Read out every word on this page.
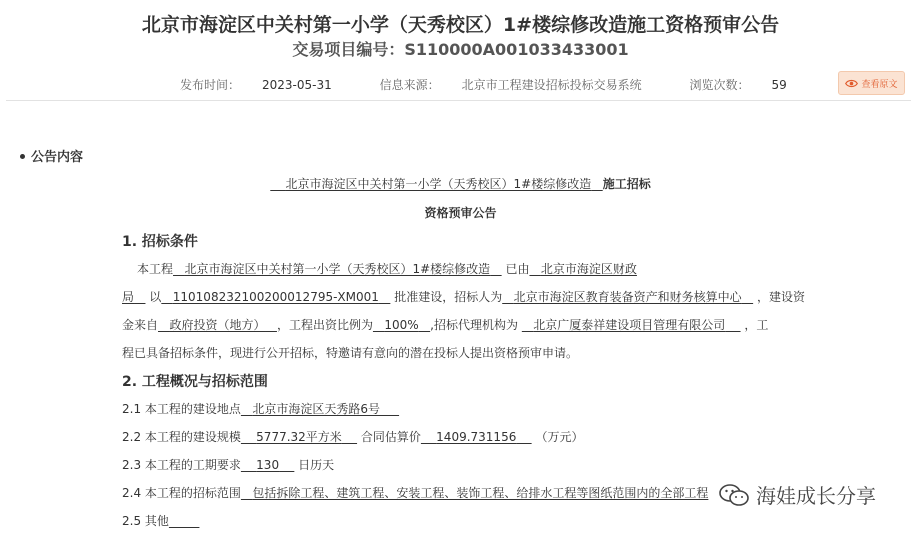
北京市海淀区中关村第一小学（天秀校区）1#楼综修改造施工资格预审公告
交易项目编号：S110000A001033433001
发布时间： 2023-05-31	信息来源： 北京市工程建设招标投标交易系统	浏览次数： 59	查看原文
公告内容
北京市海淀区中关村第一小学（天秀校区）1#楼综修改造 施工招标
资格预审公告
1. 招标条件
本工程 北京市海淀区中关村第一小学（天秀校区）1#楼综修改造 已由 北京市海淀区财政
局 以 110108232100200012795-XM001 批准建设，招标人为 北京市海淀区教育装备资产和财务核算中心 ，建设资
金来自 政府投资（地方） ，工程出资比例为 100% ,招标代理机构为 北京广厦泰祥建设项目管理有限公司 ，工
程已具备招标条件，现进行公开招标，特邀请有意向的潜在投标人提出资格预审申请。
2. 工程概况与招标范围
2.1 本工程的建设地点 北京市海淀区天秀路6号
2.2 本工程的建设规模 5777.32平方米 合同估算价 1409.731156 （万元）
2.3 本工程的工期要求 130 日历天
2.4 本工程的招标范围 包括拆除工程、建筑工程、安装工程、装饰工程、给排水工程等图纸范围内的全部工程
2.5 其他
海娃成长分享
